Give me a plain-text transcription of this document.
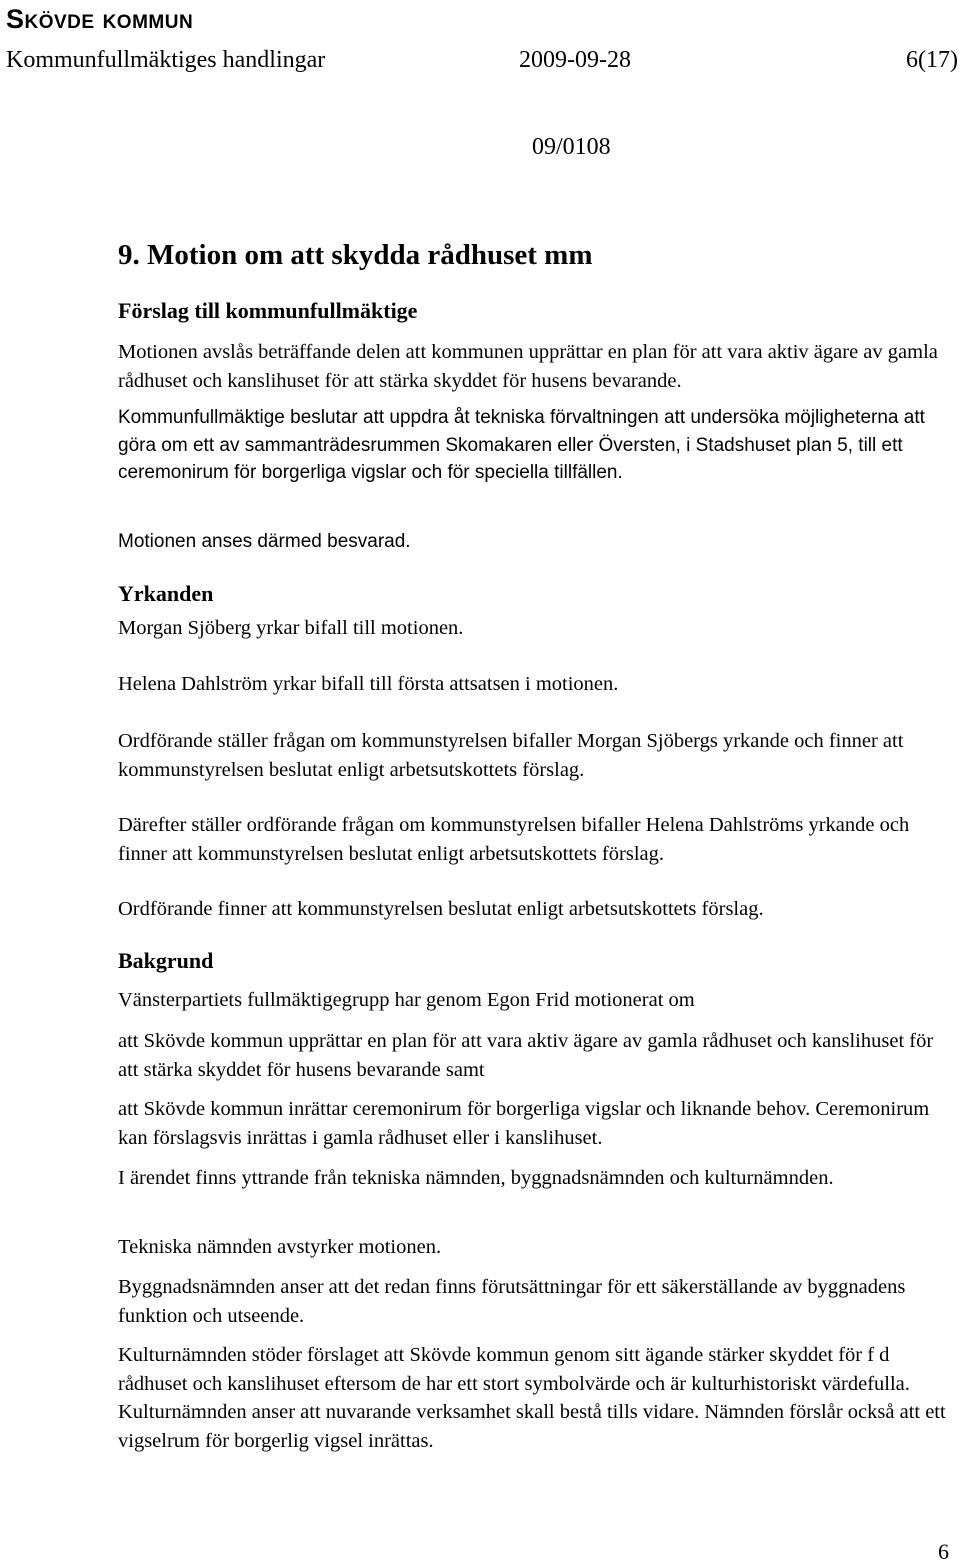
Skövde kommun
Kommunfullmäktiges handlingar	2009-09-28	6(17)
09/0108
9. Motion om att skydda rådhuset mm
Förslag till kommunfullmäktige

Motionen avslås beträffande delen att kommunen upprättar en plan för att vara aktiv ägare av gamla rådhuset och kanslihuset för att stärka skyddet för husens bevarande.

Kommunfullmäktige beslutar att uppdra åt tekniska förvaltningen att undersöka möjligheterna att göra om ett av sammanträdesrummen Skomakaren eller Översten, i Stadshuset plan 5, till ett ceremonirum för borgerliga vigslar och för speciella tillfällen.

Motionen anses därmed besvarad.

Yrkanden

Morgan Sjöberg yrkar bifall till motionen.

Helena Dahlström yrkar bifall till första attsatsen i motionen.

Ordförande ställer frågan om kommunstyrelsen bifaller Morgan Sjöbergs yrkande och finner att kommunstyrelsen beslutat enligt arbetsutskottets förslag.

Därefter ställer ordförande frågan om kommunstyrelsen bifaller Helena Dahlströms yrkande och finner att kommunstyrelsen beslutat enligt arbetsutskottets förslag.

Ordförande finner att kommunstyrelsen beslutat enligt arbetsutskottets förslag.

Bakgrund

Vänsterpartiets fullmäktigegrupp har genom Egon Frid motionerat om

att Skövde kommun upprättar en plan för att vara aktiv ägare av gamla rådhuset och kanslihuset för att stärka skyddet för husens bevarande samt

att Skövde kommun inrättar ceremonirum för borgerliga vigslar och liknande behov. Ceremonirum kan förslagsvis inrättas i gamla rådhuset eller i kanslihuset.

I ärendet finns yttrande från tekniska nämnden, byggnadsnämnden och kulturnämnden.

Tekniska nämnden avstyrker motionen.

Byggnadsnämnden anser att det redan finns förutsättningar för ett säkerställande av byggnadens funktion och utseende.

Kulturnämnden stöder förslaget att Skövde kommun genom sitt ägande stärker skyddet för f d rådhuset och kanslihuset eftersom de har ett stort symbolvärde och är kulturhistoriskt värdefulla. Kulturnämnden anser att nuvarande verksamhet skall bestå tills vidare. Nämnden förslår också att ett vigselrum för borgerlig vigsel inrättas.

6
